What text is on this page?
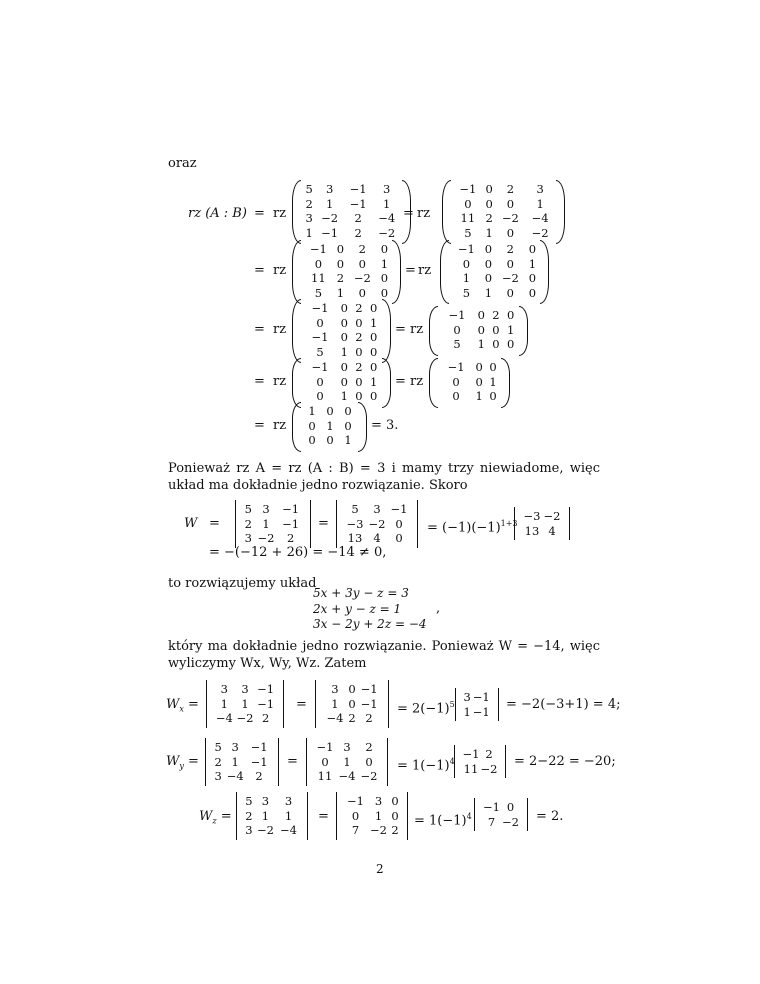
oraz
rz (A : B) = rz
5	3	−1	3
2	1	−1	1
3	−2	2	−4
1	−1	2	−2
rz
=
−1	0	2	3
0	0	0	1
11	2	−2	−4
5	1	0	−2
= rz
−1	0	2	0
0	0	0	1
11	2	−2	0
5	1	0	0
= rz
−1	0	2	0
0	0	0	1
1	0	−2	0
5	1	0	0
= rz
−1	0	2	0
0	0	0	1
−1	0	2	0
5	1	0	0
= rz
−1	0	2	0
0	0	0	1
5	1	0	0
= rz
−1	0	2	0
0	0	0	1
0	1	0	0
= rz
−1	0	0
0	0	1
0	1	0
= rz
1	0	0
0	1	0
0	0	1
= 3.
Ponieważ rz A = rz (A : B) = 3 i mamy trzy niewiadome, więc układ ma dokładnie jedno rozwiązanie. Skoro
W =
5	3	−1
2	1	−1
3	−2	2
=
5	3	−1
−3	−2	0
13	4	0
= $(-1)(-1)^{1+3}$
−3	−2
13	4
= −(−12 + 26) = −14 ≠ 0,
to rozwiązujemy układ
5x + 3y − z = 3
2x + y − z = 1
3x − 2y + 2z = −4
,
który ma dokładnie jedno rozwiązanie. Ponieważ W = −14, więc wyliczymy Wx, Wy, Wz. Zatem
$W_x$ =
3	3	−1
1	1	−1
−4	−2	2
=
3	0	−1
1	0	−1
−4	2	2
= $2(-1)^5$
3	−1
1	−1 = −2(−3+1) = 4;
$W_y$ =
5	3	−1
2	1	−1
3	−4	2
=
−1	3	2
0	1	0
11	−4	−2
= $1(-1)^4$
−1	2
11	−2 = 2−22 = −20;
$W_z$ =
5	3	3
2	1	1
3	−2	−4
=
−1	3	0
0	1	0
7	−2	2
= $1(-1)^4$
−1	0
7	−2 = 2.
2
